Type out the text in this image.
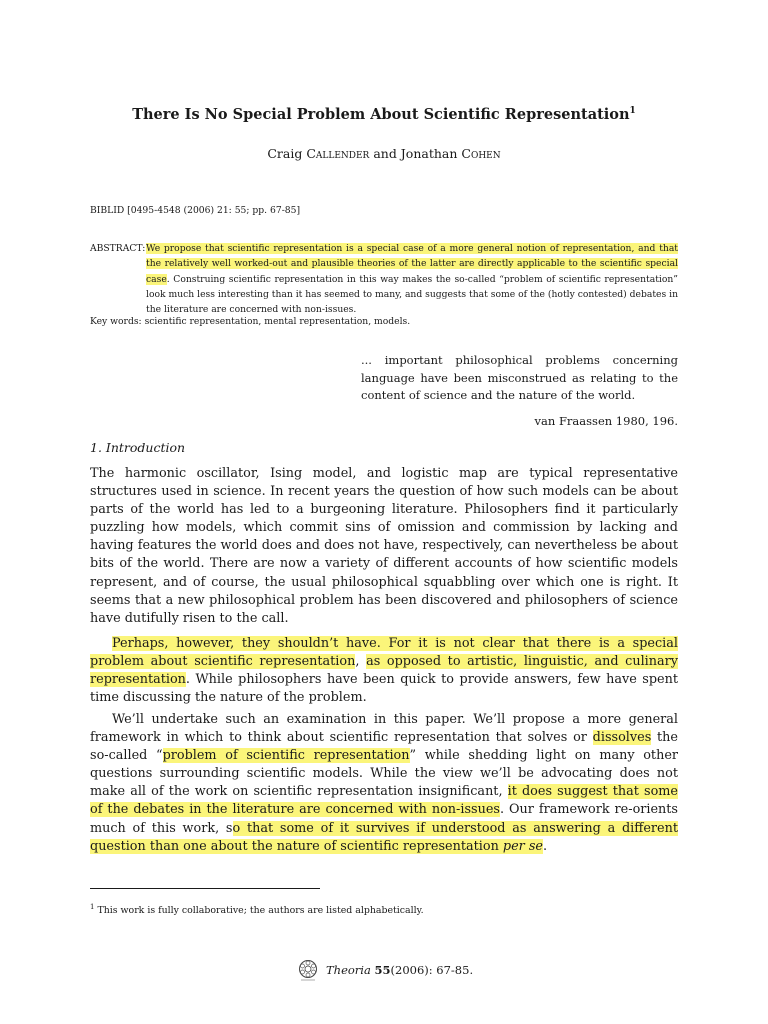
There Is No Special Problem About Scientific Representation$^1$
Craig Callender and Jonathan Cohen
BIBLID [0495-4548 (2006) 21: 55; pp. 67-85]
ABSTRACT: We propose that scientific representation is a special case of a more general notion of representation, and that the relatively well worked-out and plausible theories of the latter are directly applicable to the scientific special case. Construing scientific representation in this way makes the so-called “problem of scientific representation” look much less interesting than it has seemed to many, and suggests that some of the (hotly contested) debates in the literature are concerned with non-issues.
Key words: scientific representation, mental representation, models.
... important philosophical problems concerning language have been misconstrued as relating to the content of science and the nature of the world.
van Fraassen 1980, 196.
1. Introduction
The harmonic oscillator, Ising model, and logistic map are typical representative structures used in science. In recent years the question of how such models can be about parts of the world has led to a burgeoning literature. Philosophers find it particularly puzzling how models, which commit sins of omission and commission by lacking and having features the world does and does not have, respectively, can nevertheless be about bits of the world. There are now a variety of different accounts of how scientific models represent, and of course, the usual philosophical squabbling over which one is right. It seems that a new philosophical problem has been discovered and philosophers of science have dutifully risen to the call.
Perhaps, however, they shouldn’t have. For it is not clear that there is a special problem about scientific representation, as opposed to artistic, linguistic, and culinary representation. While philosophers have been quick to provide answers, few have spent time discussing the nature of the problem.
We’ll undertake such an examination in this paper. We’ll propose a more general framework in which to think about scientific representation that solves or dissolves the so-called “problem of scientific representation” while shedding light on many other questions surrounding scientific models. While the view we’ll be advocating does not make all of the work on scientific representation insignificant, it does suggest that some of the debates in the literature are concerned with non-issues. Our framework re-orients much of this work, so that some of it survives if understood as answering a different question than one about the nature of scientific representation per se.
$^1$ This work is fully collaborative; the authors are listed alphabetically.
Theoria
55 (2006): 67-85.
